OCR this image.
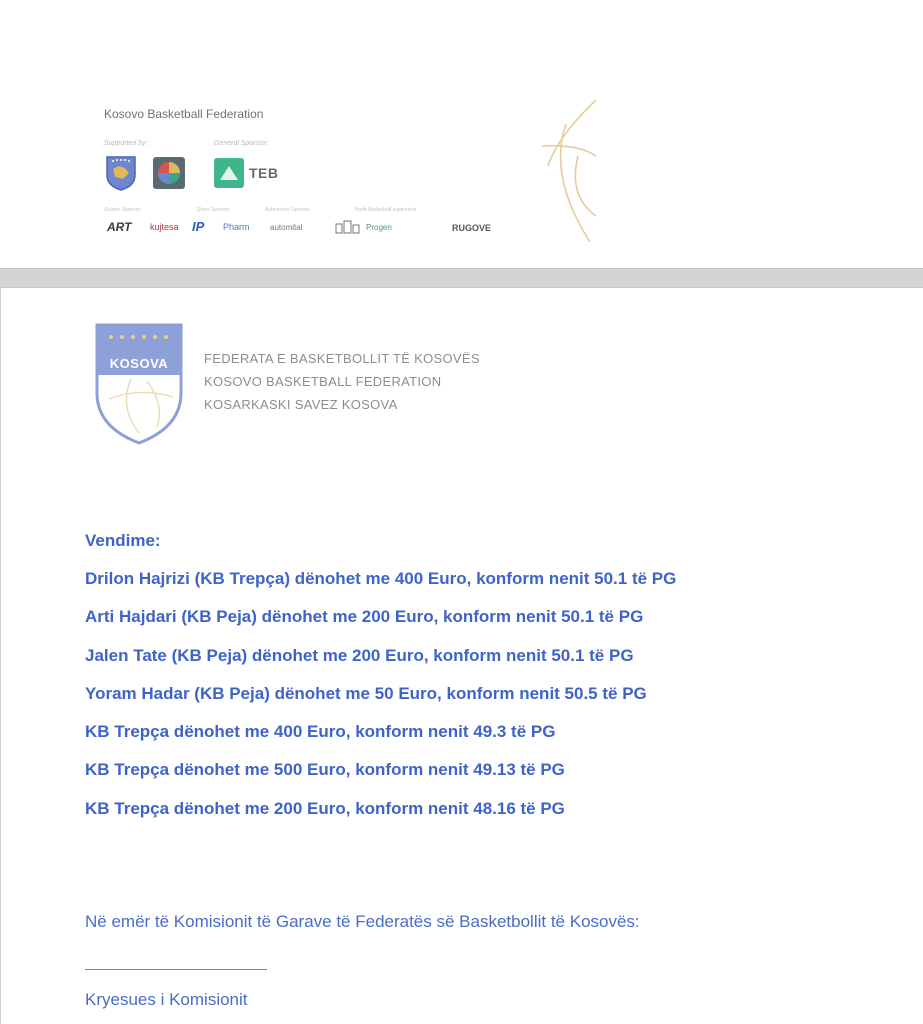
Kosovo Basketball Federation
Supported by:	General Sponsor:
TEB
Golden Sponsor:	Silver Sponsor:	Automotive Sponsor	Youth Basketball supporters
ART kujtesa IP Pharm	automital	Progen
	RUGOVE
KOSOVA	FEDERATA E BASKETBOLLIT TË KOSOVËS
KOSOVO BASKETBALL FEDERATION
KOSARKASKI SAVEZ KOSOVA
Vendime:
Drilon Hajrizi (KB Trepça) dënohet me 400 Euro, konform nenit 50.1 të PG
Arti Hajdari (KB Peja) dënohet me 200 Euro, konform nenit 50.1 të PG
Jalen Tate (KB Peja) dënohet me 200 Euro, konform nenit 50.1 të PG
Yoram Hadar (KB Peja) dënohet me 50 Euro, konform nenit 50.5 të PG
KB Trepça dënohet me 400 Euro, konform nenit 49.3 të PG
KB Trepça dënohet me 500 Euro, konform nenit 49.13 të PG
KB Trepça dënohet me 200 Euro, konform nenit 48.16 të PG
Në emër të Komisionit të Garave të Federatës së Basketbollit të Kosovës:
Kryesues i Komisionit
